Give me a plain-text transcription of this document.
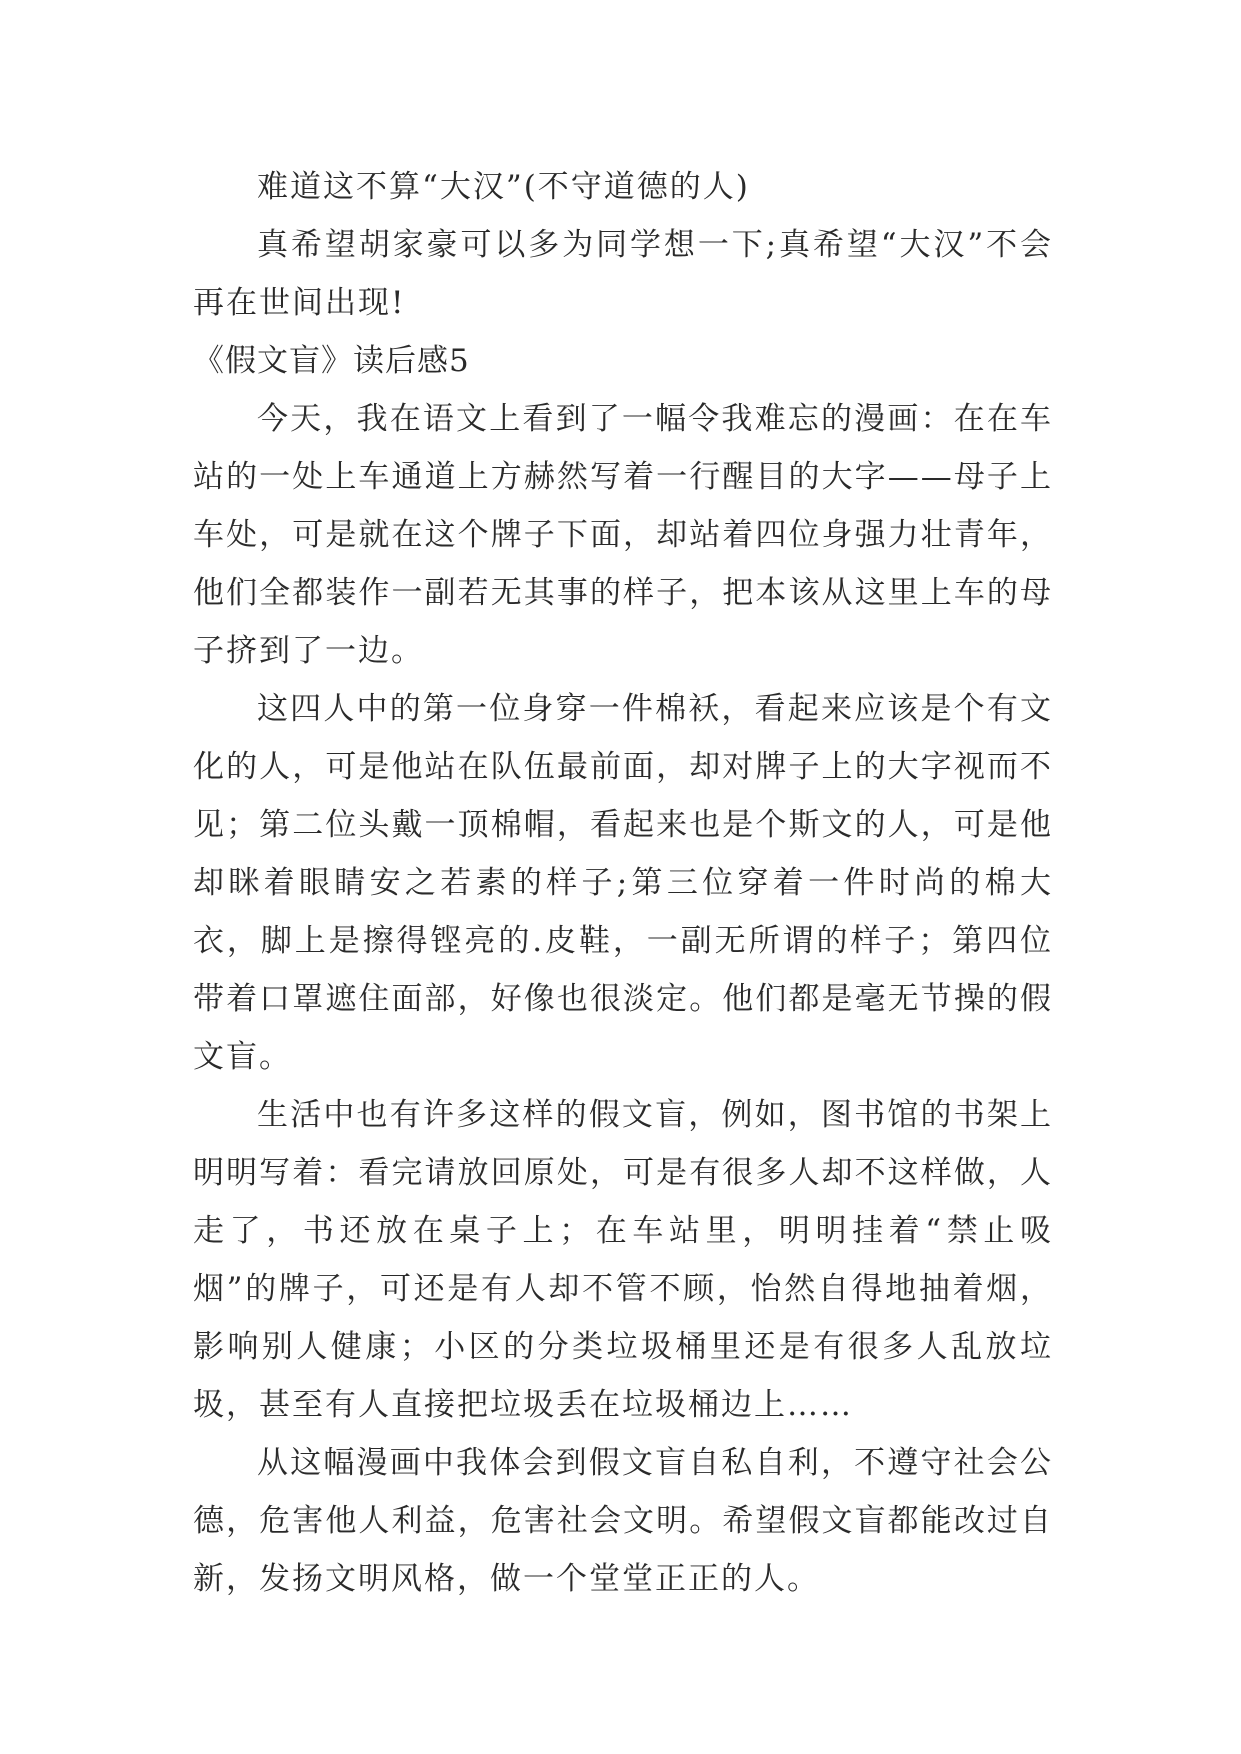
难道这不算“大汉”(不守道德的人)

真希望胡家豪可以多为同学想一下;真希望“大汉”不会再在世间出现!

《假文盲》读后感5

今天，我在语文上看到了一幅令我难忘的漫画：在在车站的一处上车通道上方赫然写着一行醒目的大字——母子上车处，可是就在这个牌子下面，却站着四位身强力壮青年，他们全都装作一副若无其事的样子，把本该从这里上车的母子挤到了一边。

这四人中的第一位身穿一件棉袄，看起来应该是个有文化的人，可是他站在队伍最前面，却对牌子上的大字视而不见；第二位头戴一顶棉帽，看起来也是个斯文的人，可是他却眯着眼睛安之若素的样子;第三位穿着一件时尚的棉大衣，脚上是擦得铿亮的.皮鞋，一副无所谓的样子；第四位带着口罩遮住面部，好像也很淡定。他们都是毫无节操的假文盲。

生活中也有许多这样的假文盲，例如，图书馆的书架上明明写着：看完请放回原处，可是有很多人却不这样做，人走了，书还放在桌子上；在车站里，明明挂着“禁止吸烟”的牌子，可还是有人却不管不顾，怡然自得地抽着烟，影响别人健康；小区的分类垃圾桶里还是有很多人乱放垃圾，甚至有人直接把垃圾丢在垃圾桶边上……

从这幅漫画中我体会到假文盲自私自利，不遵守社会公德，危害他人利益，危害社会文明。希望假文盲都能改过自新，发扬文明风格，做一个堂堂正正的人。
